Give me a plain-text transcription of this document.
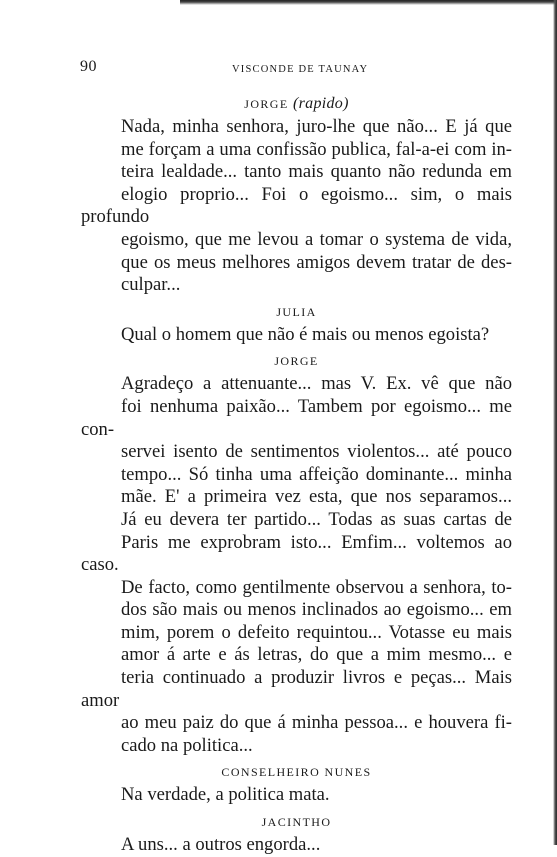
90	VISCONDE DE TAUNAY
JORGE (rapido)

Nada, minha senhora, juro-lhe que não... E já que
me forçam a uma confissão publica, fal-a-ei com in-
teira lealdade... tanto mais quanto não redunda em
elogio proprio... Foi o egoismo... sim, o mais profundo
egoismo, que me levou a tomar o systema de vida,
que os meus melhores amigos devem tratar de des-
culpar...

JULIA

Qual o homem que não é mais ou menos egoista?

JORGE

Agradeço a attenuante... mas V. Ex. vê que não
foi nenhuma paixão... Tambem por egoismo... me con-
servei isento de sentimentos violentos... até pouco
tempo... Só tinha uma affeição dominante... minha
mãe. E' a primeira vez esta, que nos separamos...
Já eu devera ter partido... Todas as suas cartas de
Paris me exprobram isto... Emfim... voltemos ao caso.
De facto, como gentilmente observou a senhora, to-
dos são mais ou menos inclinados ao egoismo... em
mim, porem o defeito requintou... Votasse eu mais
amor á arte e ás letras, do que a mim mesmo... e
teria continuado a produzir livros e peças... Mais amor
ao meu paiz do que á minha pessoa... e houvera fi-
cado na politica...

CONSELHEIRO NUNES

Na verdade, a politica mata.

JACINTHO

A uns... a outros engorda...
